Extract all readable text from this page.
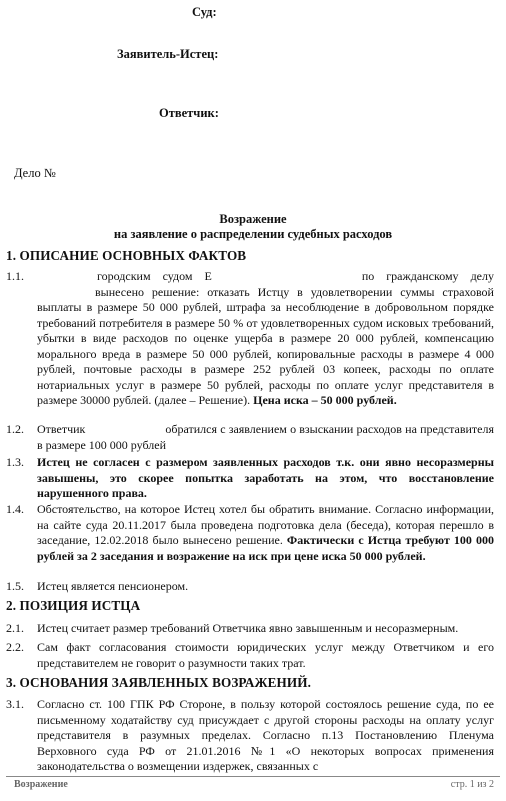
Суд:
Заявитель-Истец:
Ответчик:
Дело №
Возражение
на заявление о распределении судебных расходов
1. ОПИСАНИЕ ОСНОВНЫХ ФАКТОВ
1.1.	городским судом Е	по гражданскому делувынесено решение: отказать Истцу в удовлетворении суммы страховой выплаты в размере 50 000 рублей, штрафа за несоблюдение в добровольном порядке требований потребителя в размере 50 % от удовлетворенных судом исковых требований, убытки в виде расходов по оценке ущерба в размере 20 000 рублей, компенсацию морального вреда в размере 50 000 рублей, копировальные расходы в размере 4 000 рублей, почтовые расходы в размере 252 рублей 03 копеек, расходы по оплате нотариальных услуг в размере 50 рублей, расходы по оплате услуг представителя в размере 30000 рублей. (далее – Решение). Цена иска – 50 000 рублей.
1.2.	Ответчик	обратился с заявлением о взыскании расходов на представителя в размере 100 000 рублей
1.3.	Истец не согласен с размером заявленных расходов т.к. они явно несоразмерны завышены, это скорее попытка заработать на этом, что восстановление нарушенного права.
1.4.	Обстоятельство, на которое Истец хотел бы обратить внимание. Согласно информации, на сайте суда 20.11.2017 была проведена подготовка дела (беседа), которая перешло в заседание, 12.02.2018 было вынесено решение. Фактически с Истца требуют 100 000 рублей за 2 заседания и возражение на иск при цене иска 50 000 рублей.
1.5.	Истец является пенсионером.
2. ПОЗИЦИЯ ИСТЦА
2.1.	Истец считает размер требований Ответчика явно завышенным и несоразмерным.
2.2.	Сам факт согласования стоимости юридических услуг между Ответчиком и его представителем не говорит о разумности таких трат.
3. ОСНОВАНИЯ ЗАЯВЛЕННЫХ ВОЗРАЖЕНИЙ.
3.1.	Согласно ст. 100 ГПК РФ Стороне, в пользу которой состоялось решение суда, по ее письменному ходатайству суд присуждает с другой стороны расходы на оплату услуг представителя в разумных пределах. Согласно п.13 Постановлению Пленума Верховного суда РФ от 21.01.2016 №1 «О некоторых вопросах применения законодательства о возмещении издержек, связанных с
Возражение	стр. 1 из 2
